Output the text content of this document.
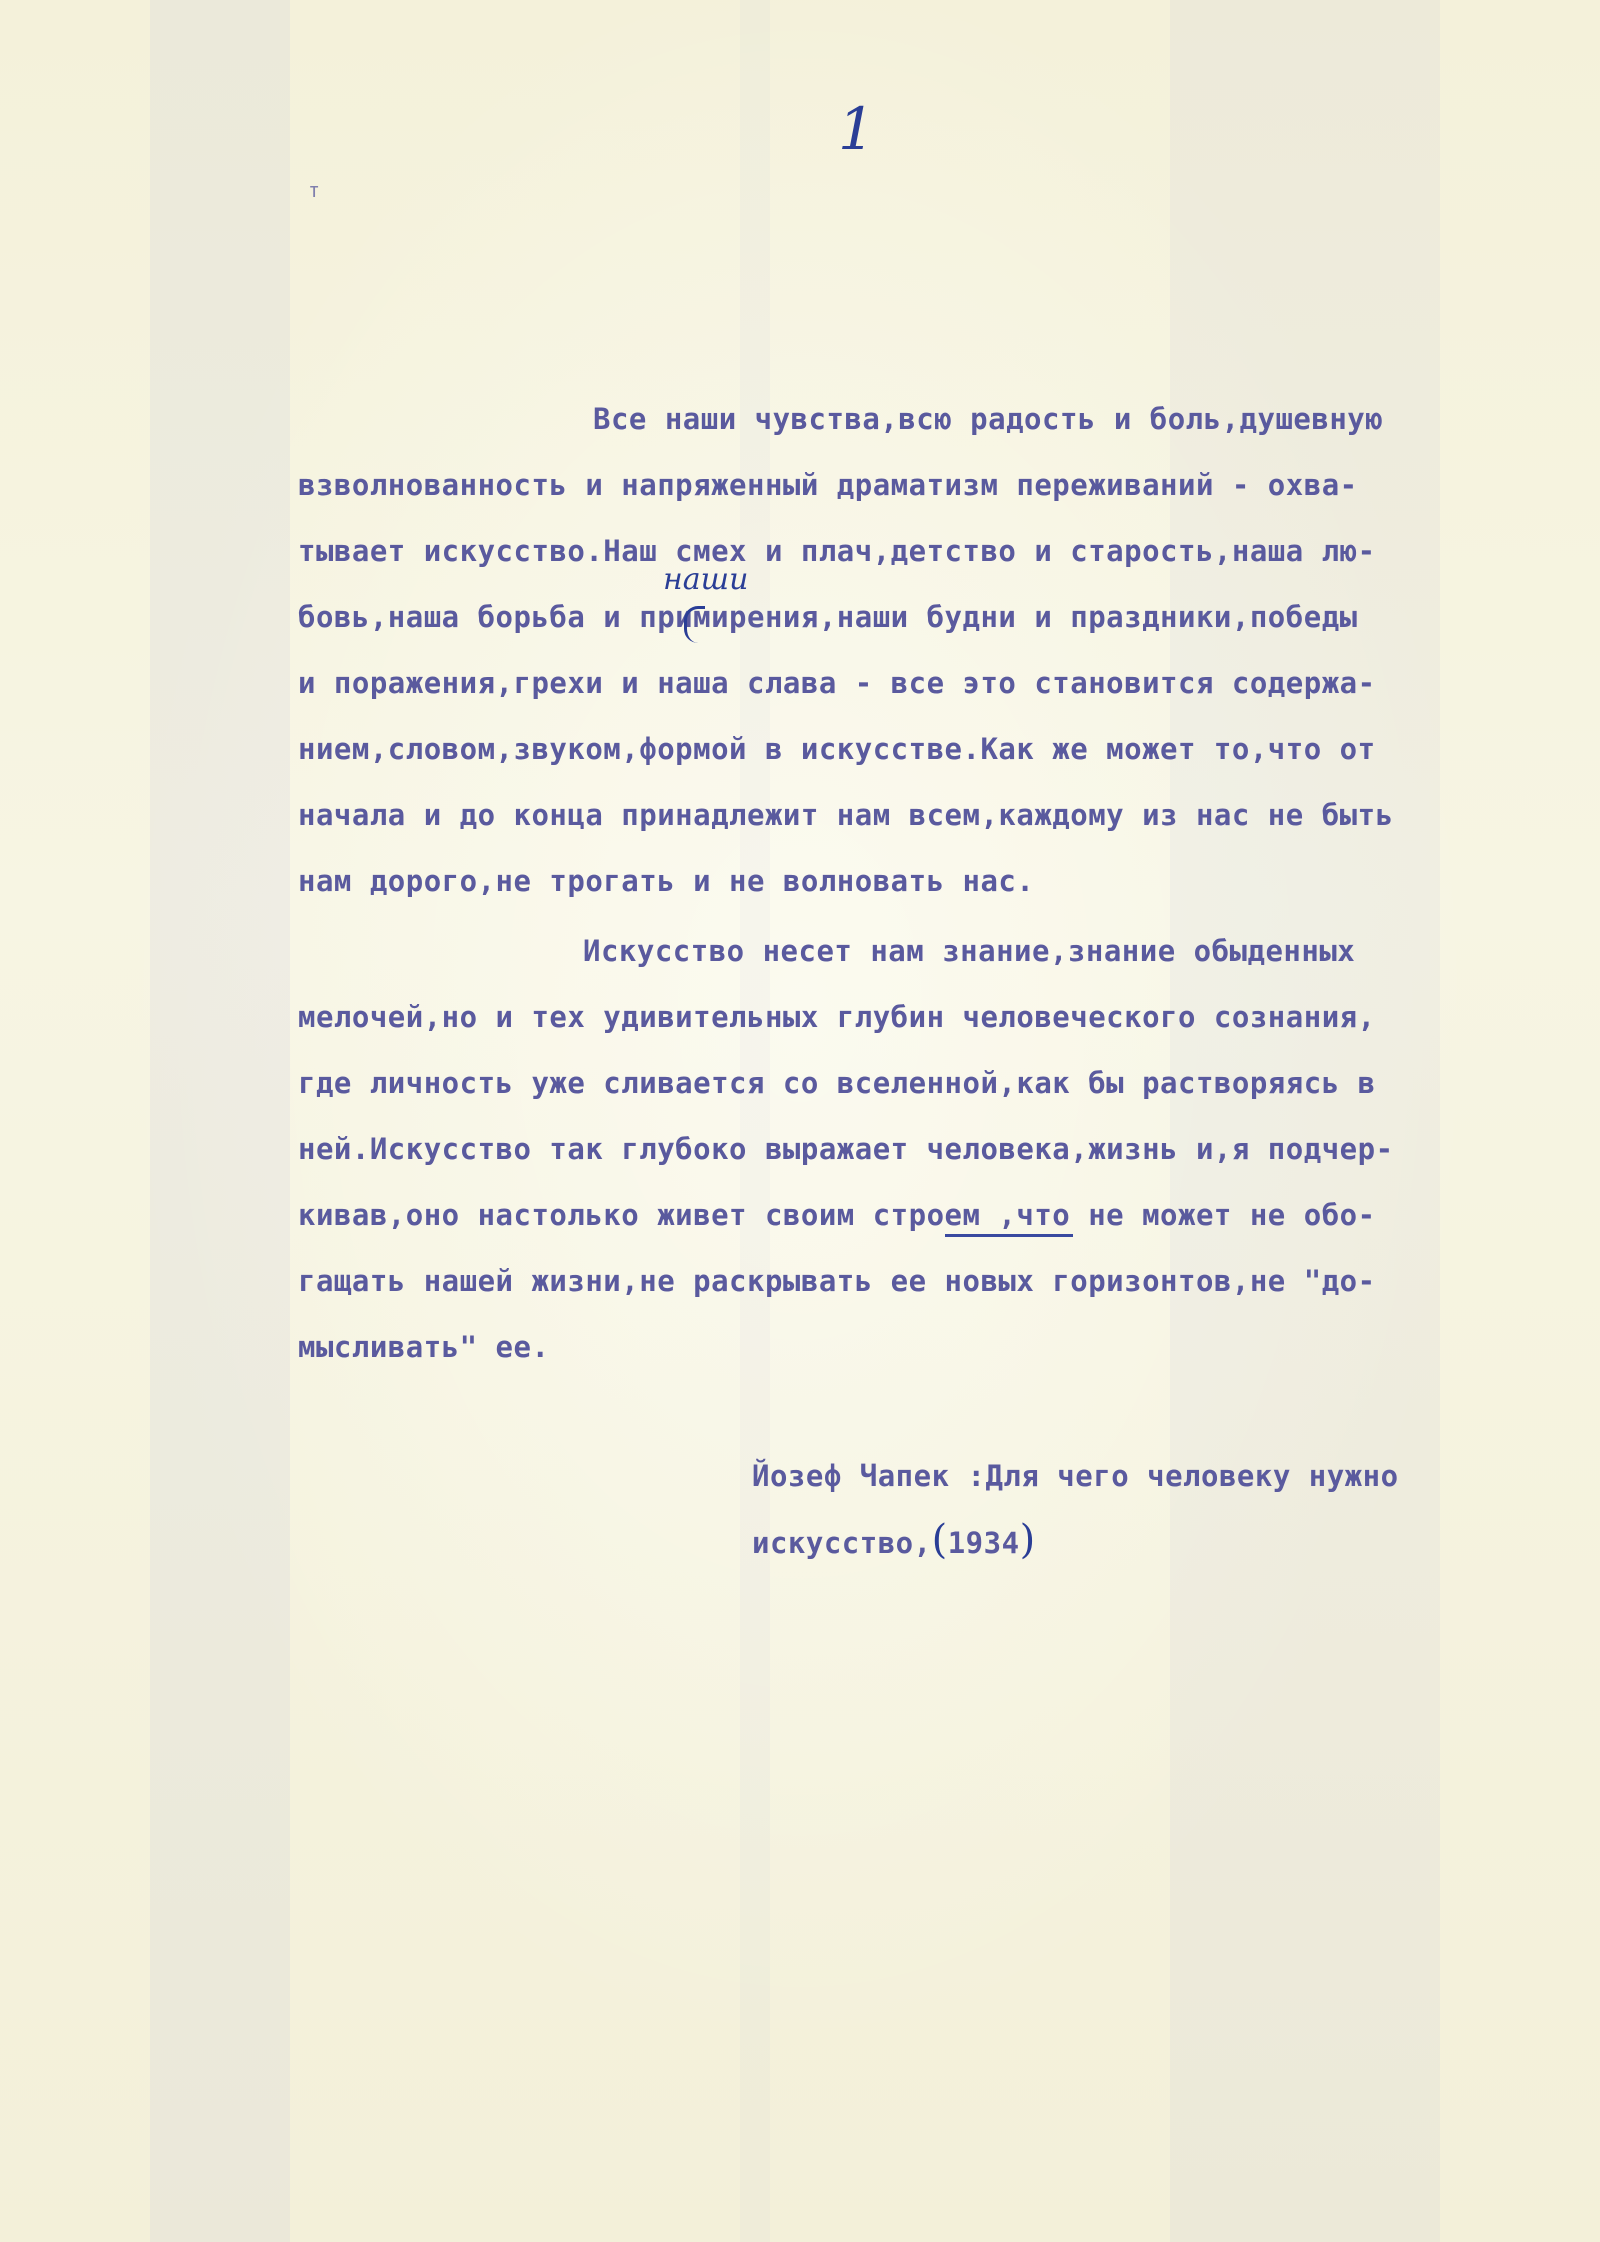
1
т
Все наши чувства,всю радость и боль,душевную
взволнованность и напряженный драматизм переживаний - охва-
тывает искусство.Наш смех и плач,детство и старость,наша лю-
бовь,наша борьба и примирения,наши будни и праздники,победы
и поражения,грехи и наша слава - все это становится содержа-
нием,словом,звуком,формой в искусстве.Как же может то,что от
начала и до конца принадлежит нам всем,каждому из нас не быть
нам дорого,не трогать и не волновать нас.
наши
Искусство несет нам знание,знание обыденных
мелочей,но и тех удивительных глубин человеческого сознания,
где личность уже сливается со вселенной,как бы растворяясь в
ней.Искусство так глубоко выражает человека,жизнь и,я подчер-
кивав,оно настолько живет своим строем ,что не может не обо-
гащать нашей жизни,не раскрывать ее новых горизонтов,не "до-
мысливать" ее.
Йозеф Чапек :Для чего человеку нужно
искусство,(1934)
